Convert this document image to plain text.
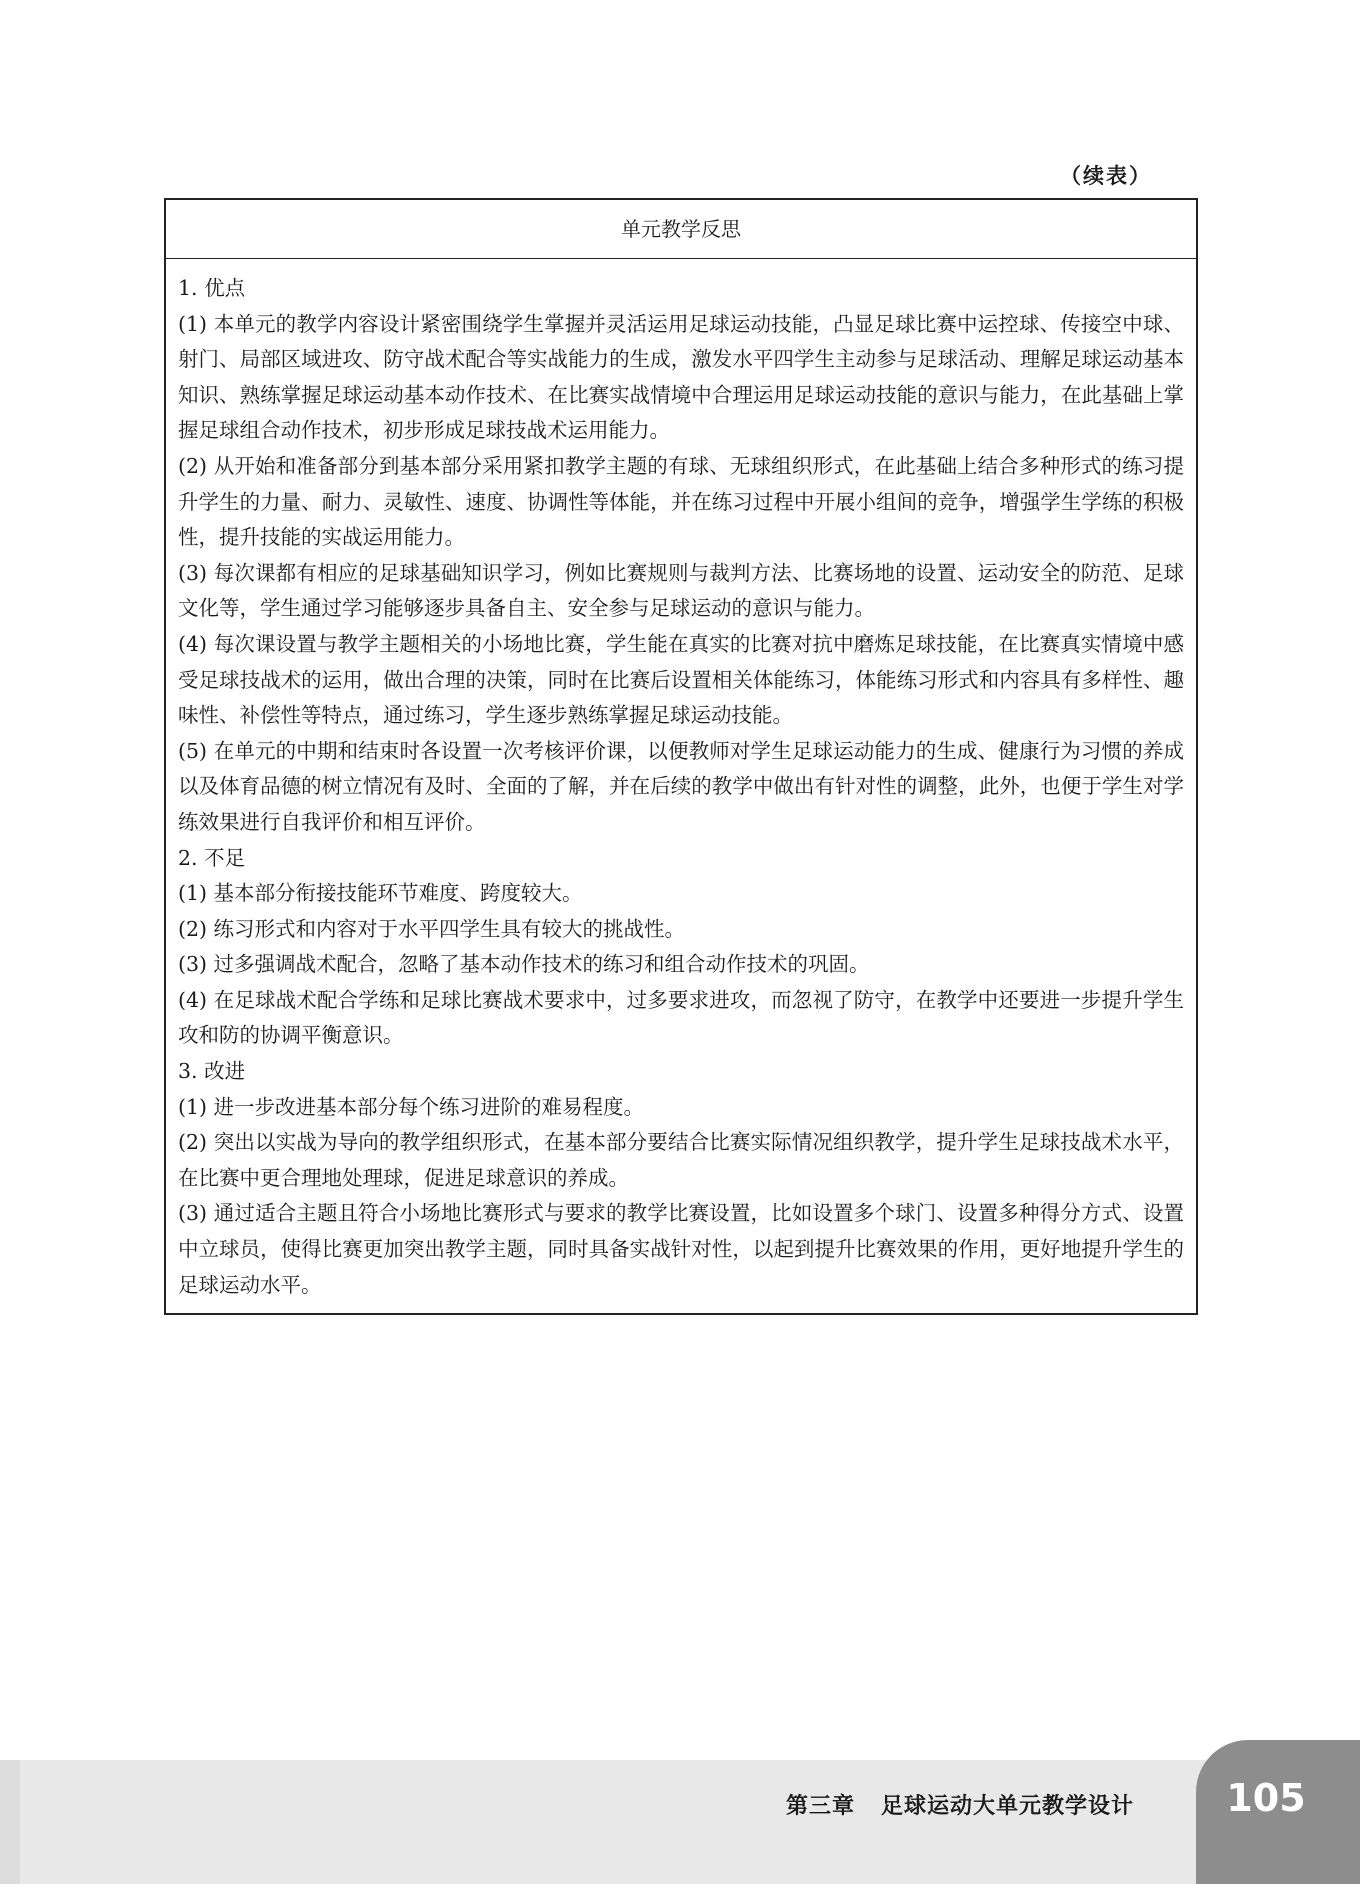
（续表）
单元教学反思
1. 优点
(1) 本单元的教学内容设计紧密围绕学生掌握并灵活运用足球运动技能，凸显足球比赛中运控球、传接空中球、射门、局部区域进攻、防守战术配合等实战能力的生成，激发水平四学生主动参与足球活动、理解足球运动基本知识、熟练掌握足球运动基本动作技术、在比赛实战情境中合理运用足球运动技能的意识与能力，在此基础上掌握足球组合动作技术，初步形成足球技战术运用能力。
(2) 从开始和准备部分到基本部分采用紧扣教学主题的有球、无球组织形式，在此基础上结合多种形式的练习提升学生的力量、耐力、灵敏性、速度、协调性等体能，并在练习过程中开展小组间的竞争，增强学生学练的积极性，提升技能的实战运用能力。
(3) 每次课都有相应的足球基础知识学习，例如比赛规则与裁判方法、比赛场地的设置、运动安全的防范、足球文化等，学生通过学习能够逐步具备自主、安全参与足球运动的意识与能力。
(4) 每次课设置与教学主题相关的小场地比赛，学生能在真实的比赛对抗中磨炼足球技能，在比赛真实情境中感受足球技战术的运用，做出合理的决策，同时在比赛后设置相关体能练习，体能练习形式和内容具有多样性、趣味性、补偿性等特点，通过练习，学生逐步熟练掌握足球运动技能。
(5) 在单元的中期和结束时各设置一次考核评价课，以便教师对学生足球运动能力的生成、健康行为习惯的养成以及体育品德的树立情况有及时、全面的了解，并在后续的教学中做出有针对性的调整，此外，也便于学生对学练效果进行自我评价和相互评价。
2. 不足
(1) 基本部分衔接技能环节难度、跨度较大。
(2) 练习形式和内容对于水平四学生具有较大的挑战性。
(3) 过多强调战术配合，忽略了基本动作技术的练习和组合动作技术的巩固。
(4) 在足球战术配合学练和足球比赛战术要求中，过多要求进攻，而忽视了防守，在教学中还要进一步提升学生攻和防的协调平衡意识。
3. 改进
(1) 进一步改进基本部分每个练习进阶的难易程度。
(2) 突出以实战为导向的教学组织形式，在基本部分要结合比赛实际情况组织教学，提升学生足球技战术水平，在比赛中更合理地处理球，促进足球意识的养成。
(3) 通过适合主题且符合小场地比赛形式与要求的教学比赛设置，比如设置多个球门、设置多种得分方式、设置中立球员，使得比赛更加突出教学主题，同时具备实战针对性，以起到提升比赛效果的作用，更好地提升学生的足球运动水平。
第三章   足球运动大单元教学设计	105
